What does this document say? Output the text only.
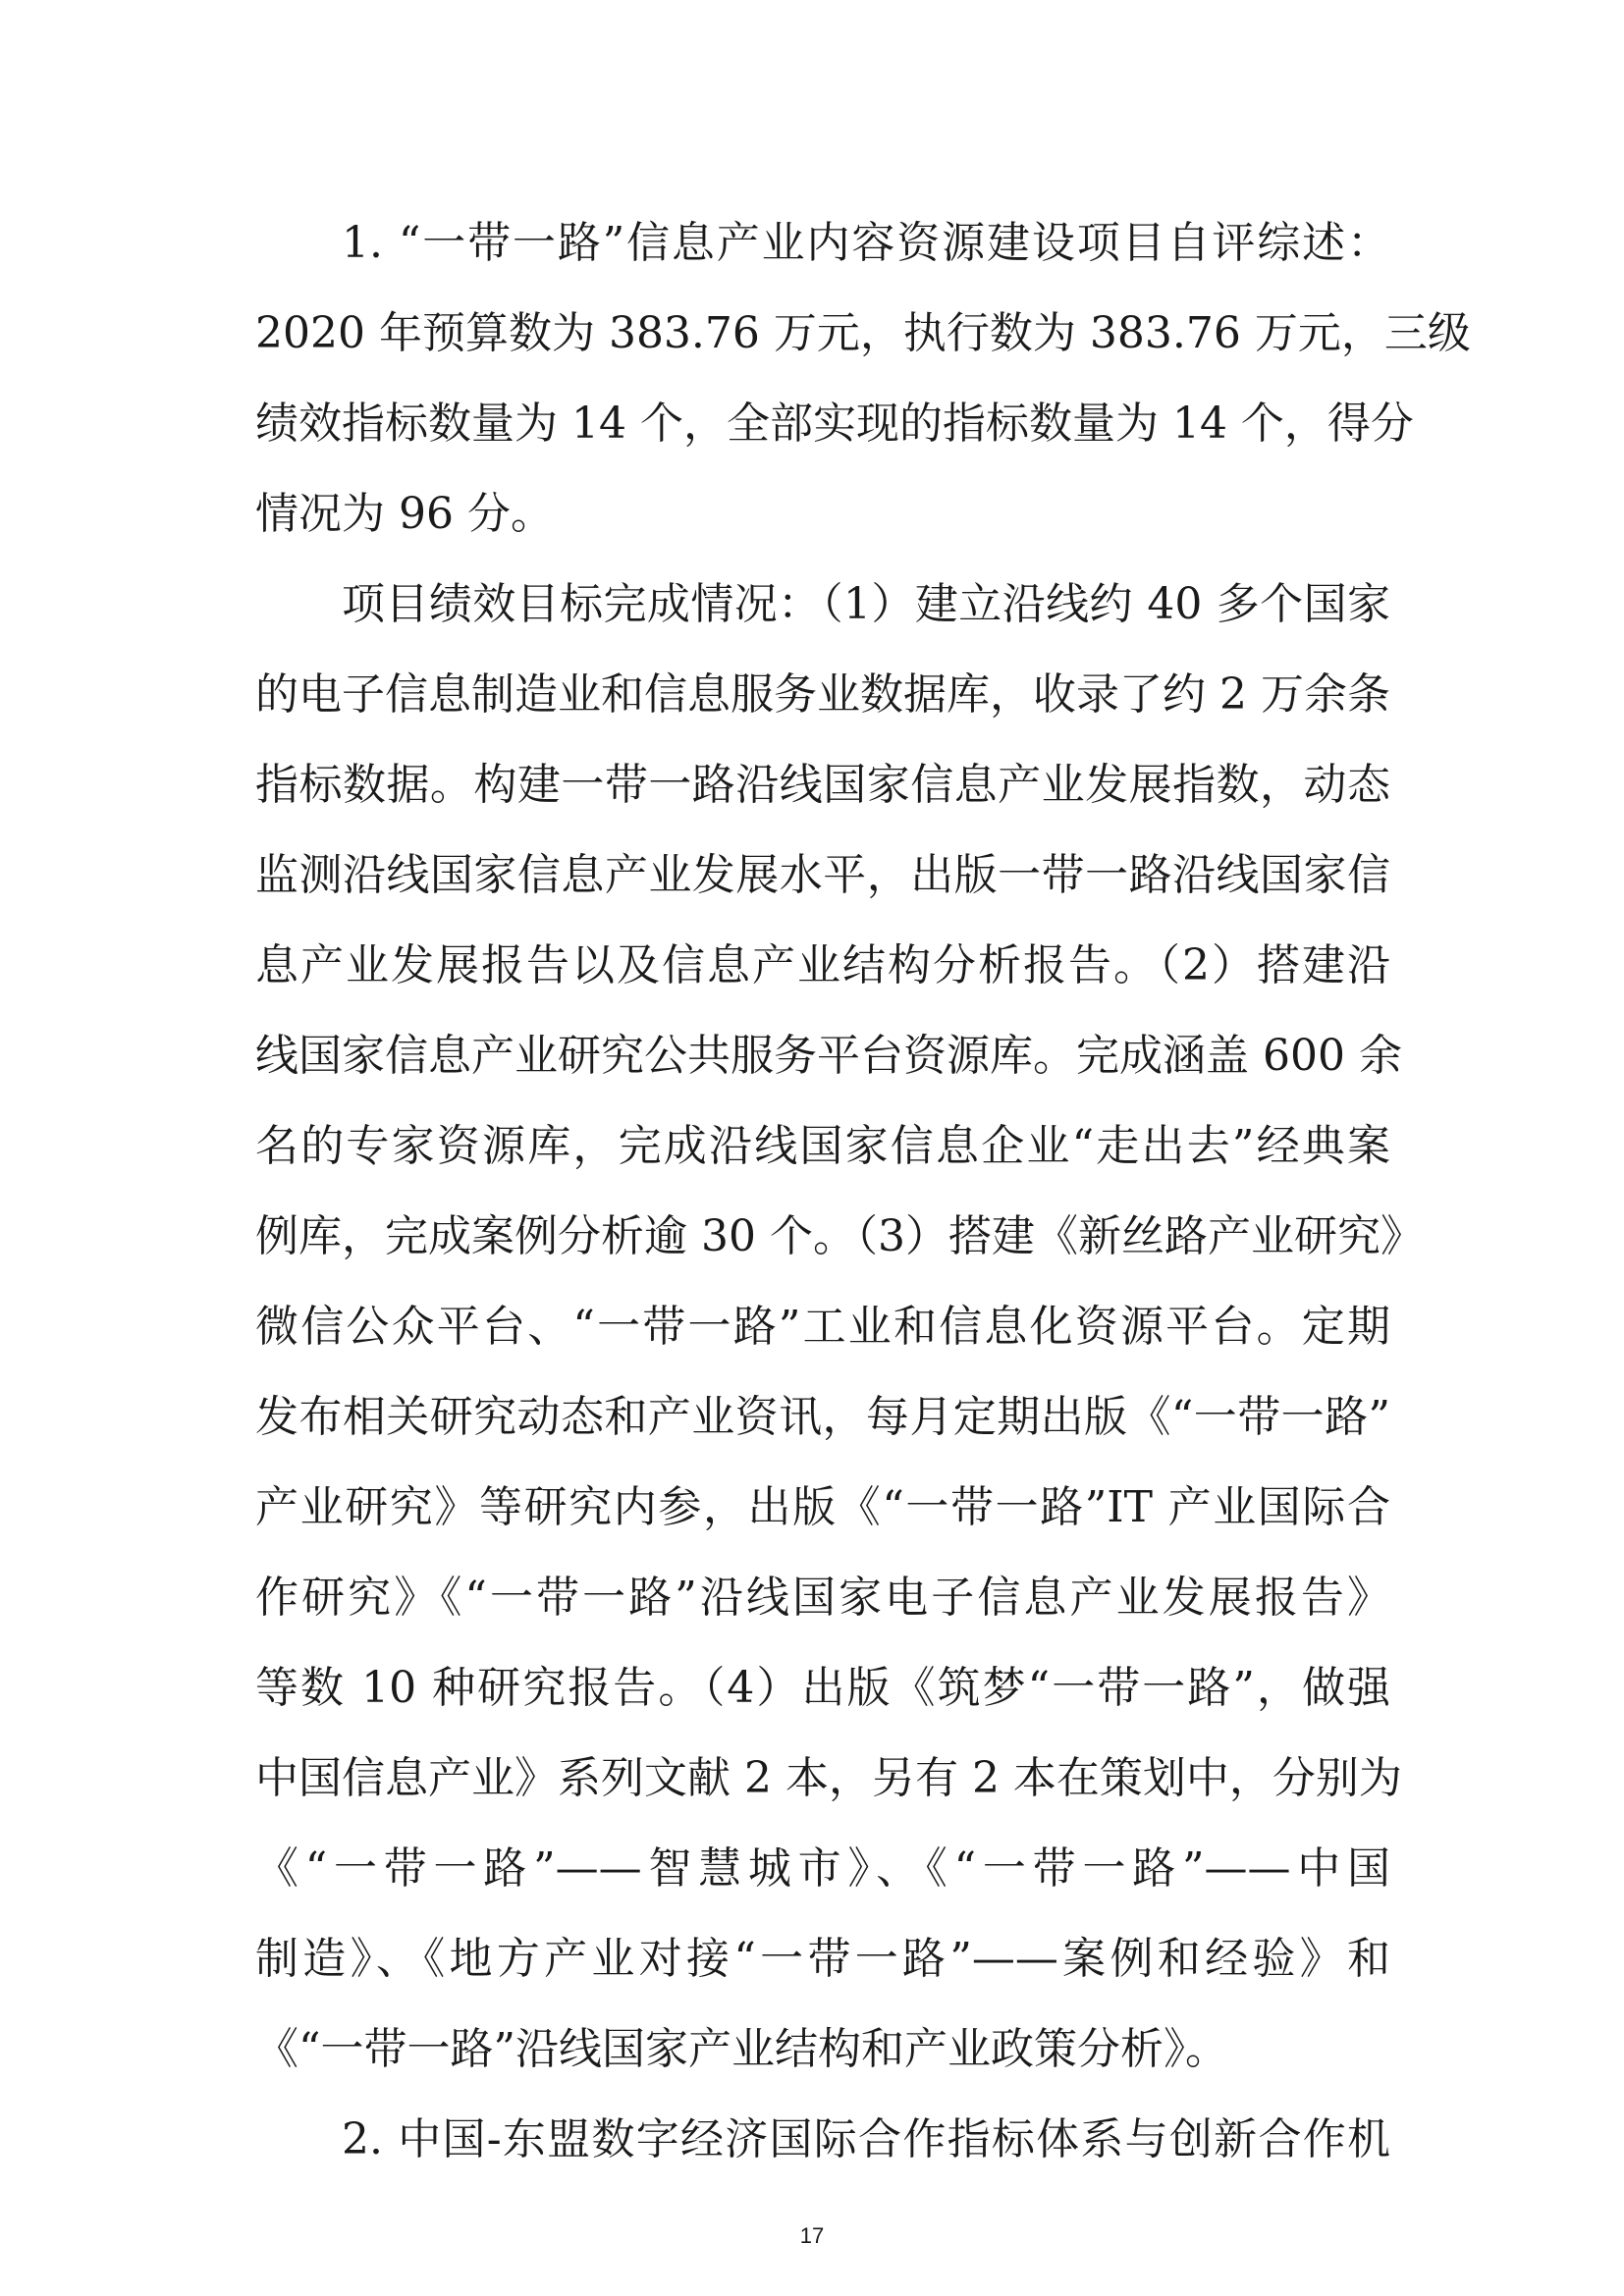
1. “一带一路”信息产业内容资源建设项目自评综述：
2020 年预算数为 383.76 万元，执行数为 383.76 万元，三级
绩效指标数量为 14 个，全部实现的指标数量为 14 个，得分
情况为 96 分。
项目绩效目标完成情况：（1）建立沿线约 40 多个国家
的电子信息制造业和信息服务业数据库，收录了约 2 万余条
指标数据。构建一带一路沿线国家信息产业发展指数，动态
监测沿线国家信息产业发展水平，出版一带一路沿线国家信
息产业发展报告以及信息产业结构分析报告。（2）搭建沿
线国家信息产业研究公共服务平台资源库。完成涵盖 600 余
名的专家资源库，完成沿线国家信息企业“走出去”经典案
例库，完成案例分析逾 30 个。（3）搭建《新丝路产业研究》
微信公众平台、“一带一路”工业和信息化资源平台。定期
发布相关研究动态和产业资讯，每月定期出版《“一带一路”
产业研究》等研究内参，出版《“一带一路”IT 产业国际合
作研究》《“一带一路”沿线国家电子信息产业发展报告》
等数 10 种研究报告。（4）出版《筑梦“一带一路”，做强
中国信息产业》系列文献 2 本，另有 2 本在策划中，分别为
《“一带一路”——智慧城市》、《“一带一路”——中国
制造》、《地方产业对接“一带一路”——案例和经验》和
《“一带一路”沿线国家产业结构和产业政策分析》。
2. 中国-东盟数字经济国际合作指标体系与创新合作机
17
